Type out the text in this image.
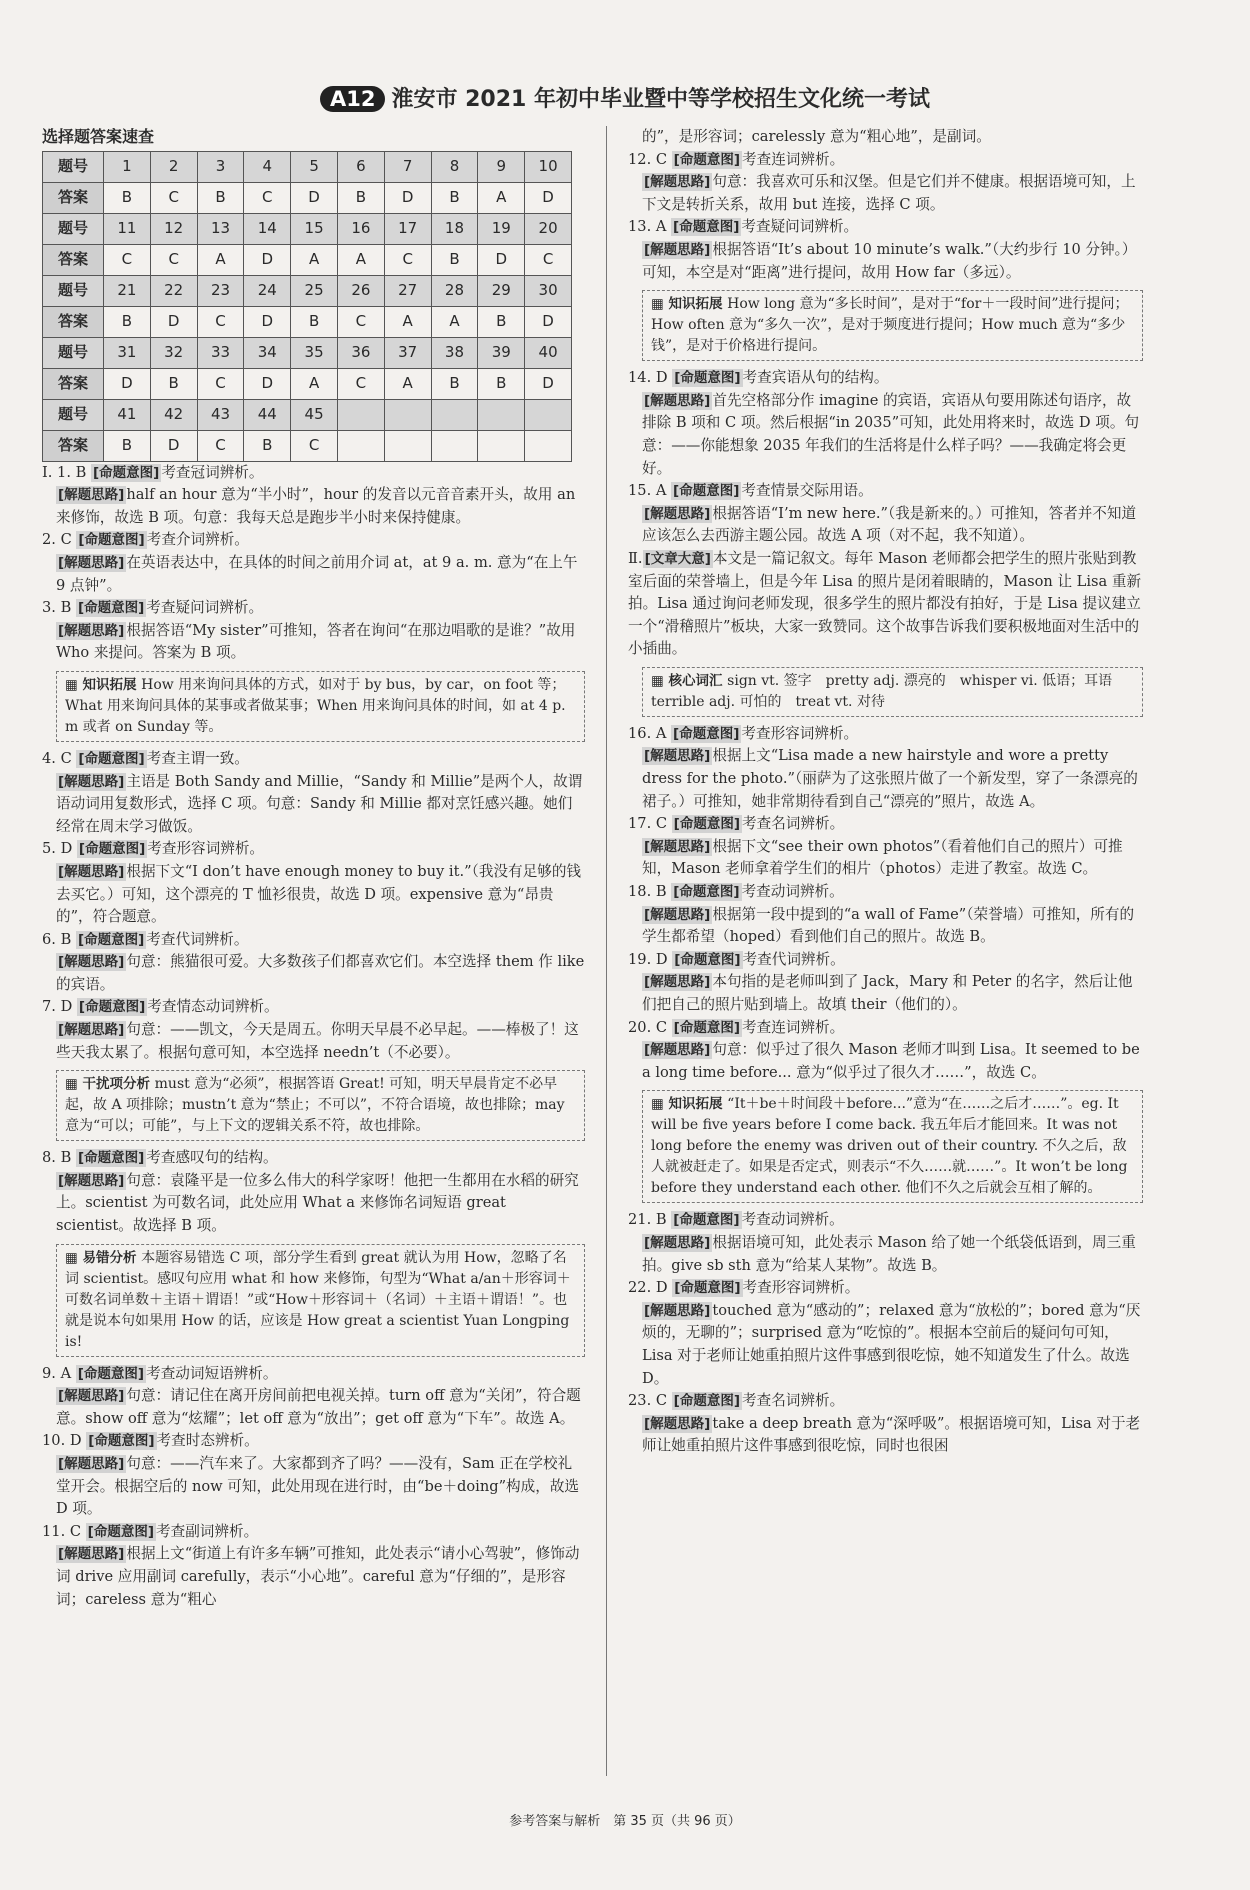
A12 淮安市 2021 年初中毕业暨中等学校招生文化统一考试
选择题答案速查
题号	1	2	3	4	5	6	7	8	9	10
答案	B	C	B	C	D	B	D	B	A	D
题号	11	12	13	14	15	16	17	18	19	20
答案	C	C	A	D	A	A	C	B	D	C
题号	21	22	23	24	25	26	27	28	29	30
答案	B	D	C	D	B	C	A	A	B	D
题号	31	32	33	34	35	36	37	38	39	40
答案	D	B	C	D	A	C	A	B	B	D
题号	41	42	43	44	45					
答案	B	D	C	B	C					
Ⅰ. 1. B [命题意图] 考查冠词辨析。
[解题思路] half an hour 意为“半小时”，hour 的发音以元音音素开头，故用 an 来修饰，故选 B 项。句意：我每天总是跑步半小时来保持健康。
2. C [命题意图] 考查介词辨析。
[解题思路] 在英语表达中，在具体的时间之前用介词 at，at 9 a. m. 意为“在上午 9 点钟”。
3. B [命题意图] 考查疑问词辨析。
[解题思路] 根据答语“My sister”可推知，答者在询问“在那边唱歌的是谁？”故用 Who 来提问。答案为 B 项。
▦ 知识拓展 How 用来询问具体的方式，如对于 by bus，by car，on foot 等；What 用来询问具体的某事或者做某事；When 用来询问具体的时间，如 at 4 p. m 或者 on Sunday 等。
4. C [命题意图] 考查主谓一致。
[解题思路] 主语是 Both Sandy and Millie，“Sandy 和 Millie”是两个人，故谓语动词用复数形式，选择 C 项。句意：Sandy 和 Millie 都对烹饪感兴趣。她们经常在周末学习做饭。
5. D [命题意图] 考查形容词辨析。
[解题思路] 根据下文“I don’t have enough money to buy it.”（我没有足够的钱去买它。）可知，这个漂亮的 T 恤衫很贵，故选 D 项。expensive 意为“昂贵的”，符合题意。
6. B [命题意图] 考查代词辨析。
[解题思路] 句意：熊猫很可爱。大多数孩子们都喜欢它们。本空选择 them 作 like 的宾语。
7. D [命题意图] 考查情态动词辨析。
[解题思路] 句意：——凯文，今天是周五。你明天早晨不必早起。——棒极了！这些天我太累了。根据句意可知，本空选择 needn’t（不必要）。
▦ 干扰项分析 must 意为“必须”，根据答语 Great! 可知，明天早晨肯定不必早起，故 A 项排除；mustn’t 意为“禁止；不可以”，不符合语境，故也排除；may 意为“可以；可能”，与上下文的逻辑关系不符，故也排除。
8. B [命题意图] 考查感叹句的结构。
[解题思路] 句意：袁隆平是一位多么伟大的科学家呀！他把一生都用在水稻的研究上。scientist 为可数名词，此处应用 What a 来修饰名词短语 great scientist。故选择 B 项。
▦ 易错分析 本题容易错选 C 项，部分学生看到 great 就认为用 How，忽略了名词 scientist。感叹句应用 what 和 how 来修饰，句型为“What a/an＋形容词＋可数名词单数＋主语＋谓语！”或“How＋形容词＋（名词）＋主语＋谓语！”。也就是说本句如果用 How 的话，应该是 How great a scientist Yuan Longping is!
9. A [命题意图] 考查动词短语辨析。
[解题思路] 句意：请记住在离开房间前把电视关掉。turn off 意为“关闭”，符合题意。show off 意为“炫耀”；let off 意为“放出”；get off 意为“下车”。故选 A。
10. D [命题意图] 考查时态辨析。
[解题思路] 句意：——汽车来了。大家都到齐了吗？——没有，Sam 正在学校礼堂开会。根据空后的 now 可知，此处用现在进行时，由“be＋doing”构成，故选 D 项。
11. C [命题意图] 考查副词辨析。
[解题思路] 根据上文“街道上有许多车辆”可推知，此处表示“请小心驾驶”，修饰动词 drive 应用副词 carefully，表示“小心地”。careful 意为“仔细的”，是形容词；careless 意为“粗心
的”，是形容词；carelessly 意为“粗心地”，是副词。
12. C [命题意图] 考查连词辨析。
[解题思路] 句意：我喜欢可乐和汉堡。但是它们并不健康。根据语境可知，上下文是转折关系，故用 but 连接，选择 C 项。
13. A [命题意图] 考查疑问词辨析。
[解题思路] 根据答语“It’s about 10 minute’s walk.”（大约步行 10 分钟。）可知，本空是对“距离”进行提问，故用 How far（多远）。
▦ 知识拓展 How long 意为“多长时间”，是对于“for＋一段时间”进行提问；How often 意为“多久一次”，是对于频度进行提问；How much 意为“多少钱”，是对于价格进行提问。
14. D [命题意图] 考查宾语从句的结构。
[解题思路] 首先空格部分作 imagine 的宾语，宾语从句要用陈述句语序，故排除 B 项和 C 项。然后根据“in 2035”可知，此处用将来时，故选 D 项。句意：——你能想象 2035 年我们的生活将是什么样子吗？——我确定将会更好。
15. A [命题意图] 考查情景交际用语。
[解题思路] 根据答语“I’m new here.”（我是新来的。）可推知，答者并不知道应该怎么去西游主题公园。故选 A 项（对不起，我不知道）。
Ⅱ. [文章大意] 本文是一篇记叙文。每年 Mason 老师都会把学生的照片张贴到教室后面的荣誉墙上，但是今年 Lisa 的照片是闭着眼睛的，Mason 让 Lisa 重新拍。Lisa 通过询问老师发现，很多学生的照片都没有拍好，于是 Lisa 提议建立一个“滑稽照片”板块，大家一致赞同。这个故事告诉我们要积极地面对生活中的小插曲。
▦ 核心词汇 sign vt. 签字　pretty adj. 漂亮的　whisper vi. 低语；耳语　terrible adj. 可怕的　treat vt. 对待
16. A [命题意图] 考查形容词辨析。
[解题思路] 根据上文“Lisa made a new hairstyle and wore a pretty dress for the photo.”（丽萨为了这张照片做了一个新发型，穿了一条漂亮的裙子。）可推知，她非常期待看到自己“漂亮的”照片，故选 A。
17. C [命题意图] 考查名词辨析。
[解题思路] 根据下文“see their own photos”（看着他们自己的照片）可推知，Mason 老师拿着学生们的相片（photos）走进了教室。故选 C。
18. B [命题意图] 考查动词辨析。
[解题思路] 根据第一段中提到的“a wall of Fame”（荣誉墙）可推知，所有的学生都希望（hoped）看到他们自己的照片。故选 B。
19. D [命题意图] 考查代词辨析。
[解题思路] 本句指的是老师叫到了 Jack，Mary 和 Peter 的名字，然后让他们把自己的照片贴到墙上。故填 their（他们的）。
20. C [命题意图] 考查连词辨析。
[解题思路] 句意：似乎过了很久 Mason 老师才叫到 Lisa。It seemed to be a long time before... 意为“似乎过了很久才……”，故选 C。
▦ 知识拓展 “It＋be＋时间段＋before...”意为“在……之后才……”。eg. It will be five years before I come back. 我五年后才能回来。It was not long before the enemy was driven out of their country. 不久之后，敌人就被赶走了。如果是否定式，则表示“不久……就……”。It won’t be long before they understand each other. 他们不久之后就会互相了解的。
21. B [命题意图] 考查动词辨析。
[解题思路] 根据语境可知，此处表示 Mason 给了她一个纸袋低语到，周三重拍。give sb sth 意为“给某人某物”。故选 B。
22. D [命题意图] 考查形容词辨析。
[解题思路] touched 意为“感动的”；relaxed 意为“放松的”；bored 意为“厌烦的，无聊的”；surprised 意为“吃惊的”。根据本空前后的疑问句可知，Lisa 对于老师让她重拍照片这件事感到很吃惊，她不知道发生了什么。故选 D。
23. C [命题意图] 考查名词辨析。
[解题思路] take a deep breath 意为“深呼吸”。根据语境可知，Lisa 对于老师让她重拍照片这件事感到很吃惊，同时也很困
参考答案与解析　第 35 页（共 96 页）
